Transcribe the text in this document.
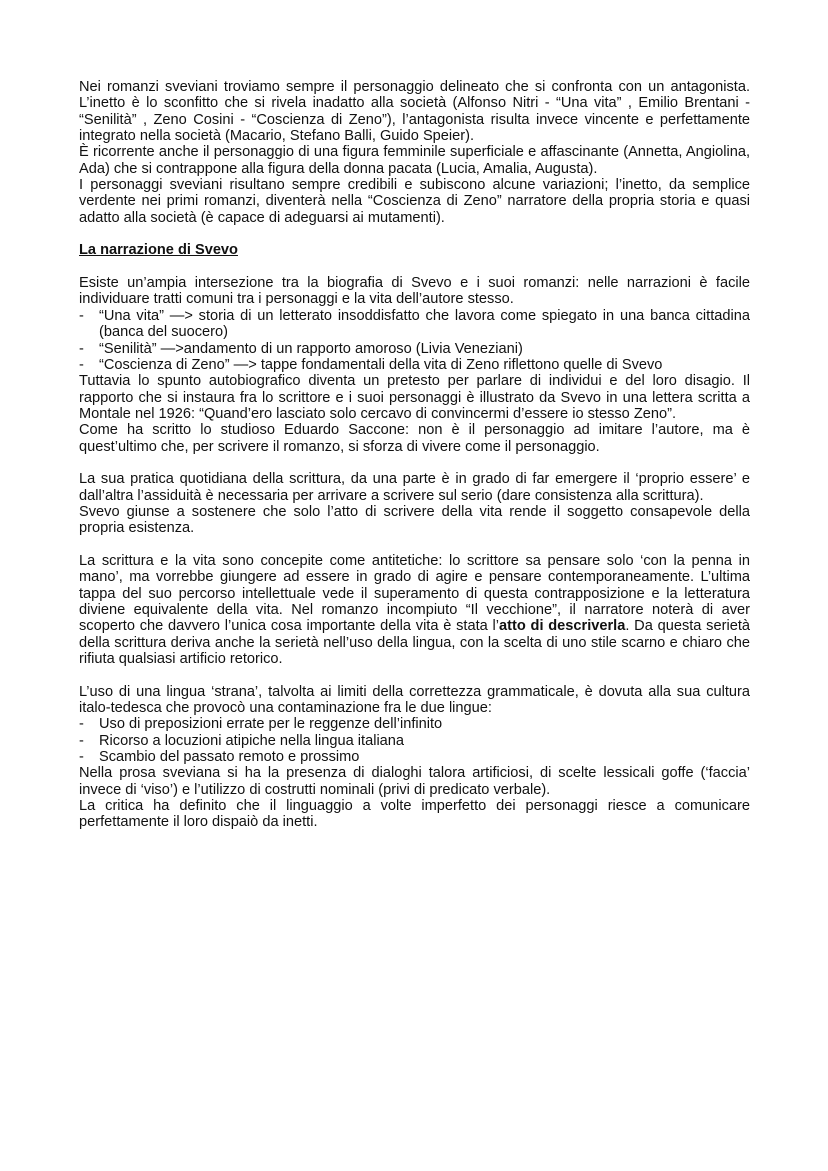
Nei romanzi sveviani troviamo sempre il personaggio delineato che si confronta con un antagonista. L’inetto è lo sconfitto che si rivela inadatto alla società (Alfonso Nitri - “Una vita” , Emilio Brentani - “Senilità” , Zeno Cosini - “Coscienza di Zeno”), l’antagonista risulta invece vincente e perfettamente integrato nella società (Macario, Stefano Balli, Guido Speier).

È ricorrente anche il personaggio di una figura femminile superficiale e affascinante (Annetta, Angiolina, Ada) che si contrappone alla figura della donna pacata (Lucia, Amalia, Augusta).

I personaggi sveviani risultano sempre credibili e subiscono alcune variazioni; l’inetto, da semplice verdente nei primi romanzi, diventerà nella “Coscienza di Zeno” narratore della propria storia e quasi adatto alla società (è capace di adeguarsi ai mutamenti).

La narrazione di Svevo

Esiste un’ampia intersezione tra la biografia di Svevo e i suoi romanzi: nelle narrazioni è facile individuare tratti comuni tra i personaggi e la vita dell’autore stesso.

- “Una vita” —> storia di un letterato insoddisfatto che lavora come spiegato in una banca cittadina (banca del suocero)
- “Senilità” —>andamento di un rapporto amoroso (Livia Veneziani)
- “Coscienza di Zeno” —> tappe fondamentali della vita di Zeno riflettono quelle di Svevo

Tuttavia lo spunto autobiografico diventa un pretesto per parlare di individui e del loro disagio. Il rapporto che si instaura fra lo scrittore e i suoi personaggi è illustrato da Svevo in una lettera scritta a Montale nel 1926: “Quand’ero lasciato solo cercavo di convincermi d’essere io stesso Zeno”.

Come ha scritto lo studioso Eduardo Saccone: non è il personaggio ad imitare l’autore, ma è quest’ultimo che, per scrivere il romanzo, si sforza di vivere come il personaggio.

La sua pratica quotidiana della scrittura, da una parte è in grado di far emergere il ‘proprio essere’ e dall’altra l’assiduità è necessaria per arrivare a scrivere sul serio (dare consistenza alla scrittura).

Svevo giunse a sostenere che solo l’atto di scrivere della vita rende il soggetto consapevole della propria esistenza.

La scrittura e la vita sono concepite come antitetiche: lo scrittore sa pensare solo ‘con la penna in mano’, ma vorrebbe giungere ad essere in grado di agire e pensare contemporaneamente. L’ultima tappa del suo percorso intellettuale vede il superamento di questa contrapposizione e la letteratura diviene equivalente della vita. Nel romanzo incompiuto “Il vecchione”, il narratore noterà di aver scoperto che davvero l’unica cosa importante della vita è stata l’atto di descriverla. Da questa serietà della scrittura deriva anche la serietà nell’uso della lingua, con la scelta di uno stile scarno e chiaro che rifiuta qualsiasi artificio retorico.

L’uso di una lingua ‘strana’, talvolta ai limiti della correttezza grammaticale, è dovuta alla sua cultura italo-tedesca che provocò una contaminazione fra le due lingue:

- Uso di preposizioni errate per le reggenze dell’infinito
- Ricorso a locuzioni atipiche nella lingua italiana
- Scambio del passato remoto e prossimo

Nella prosa sveviana si ha la presenza di dialoghi talora artificiosi, di scelte lessicali goffe (‘faccia’ invece di ‘viso’) e l’utilizzo di costrutti nominali (privi di predicato verbale).

La critica ha definito che il linguaggio a volte imperfetto dei personaggi riesce a comunicare perfettamente il loro dispaiò da inetti.
